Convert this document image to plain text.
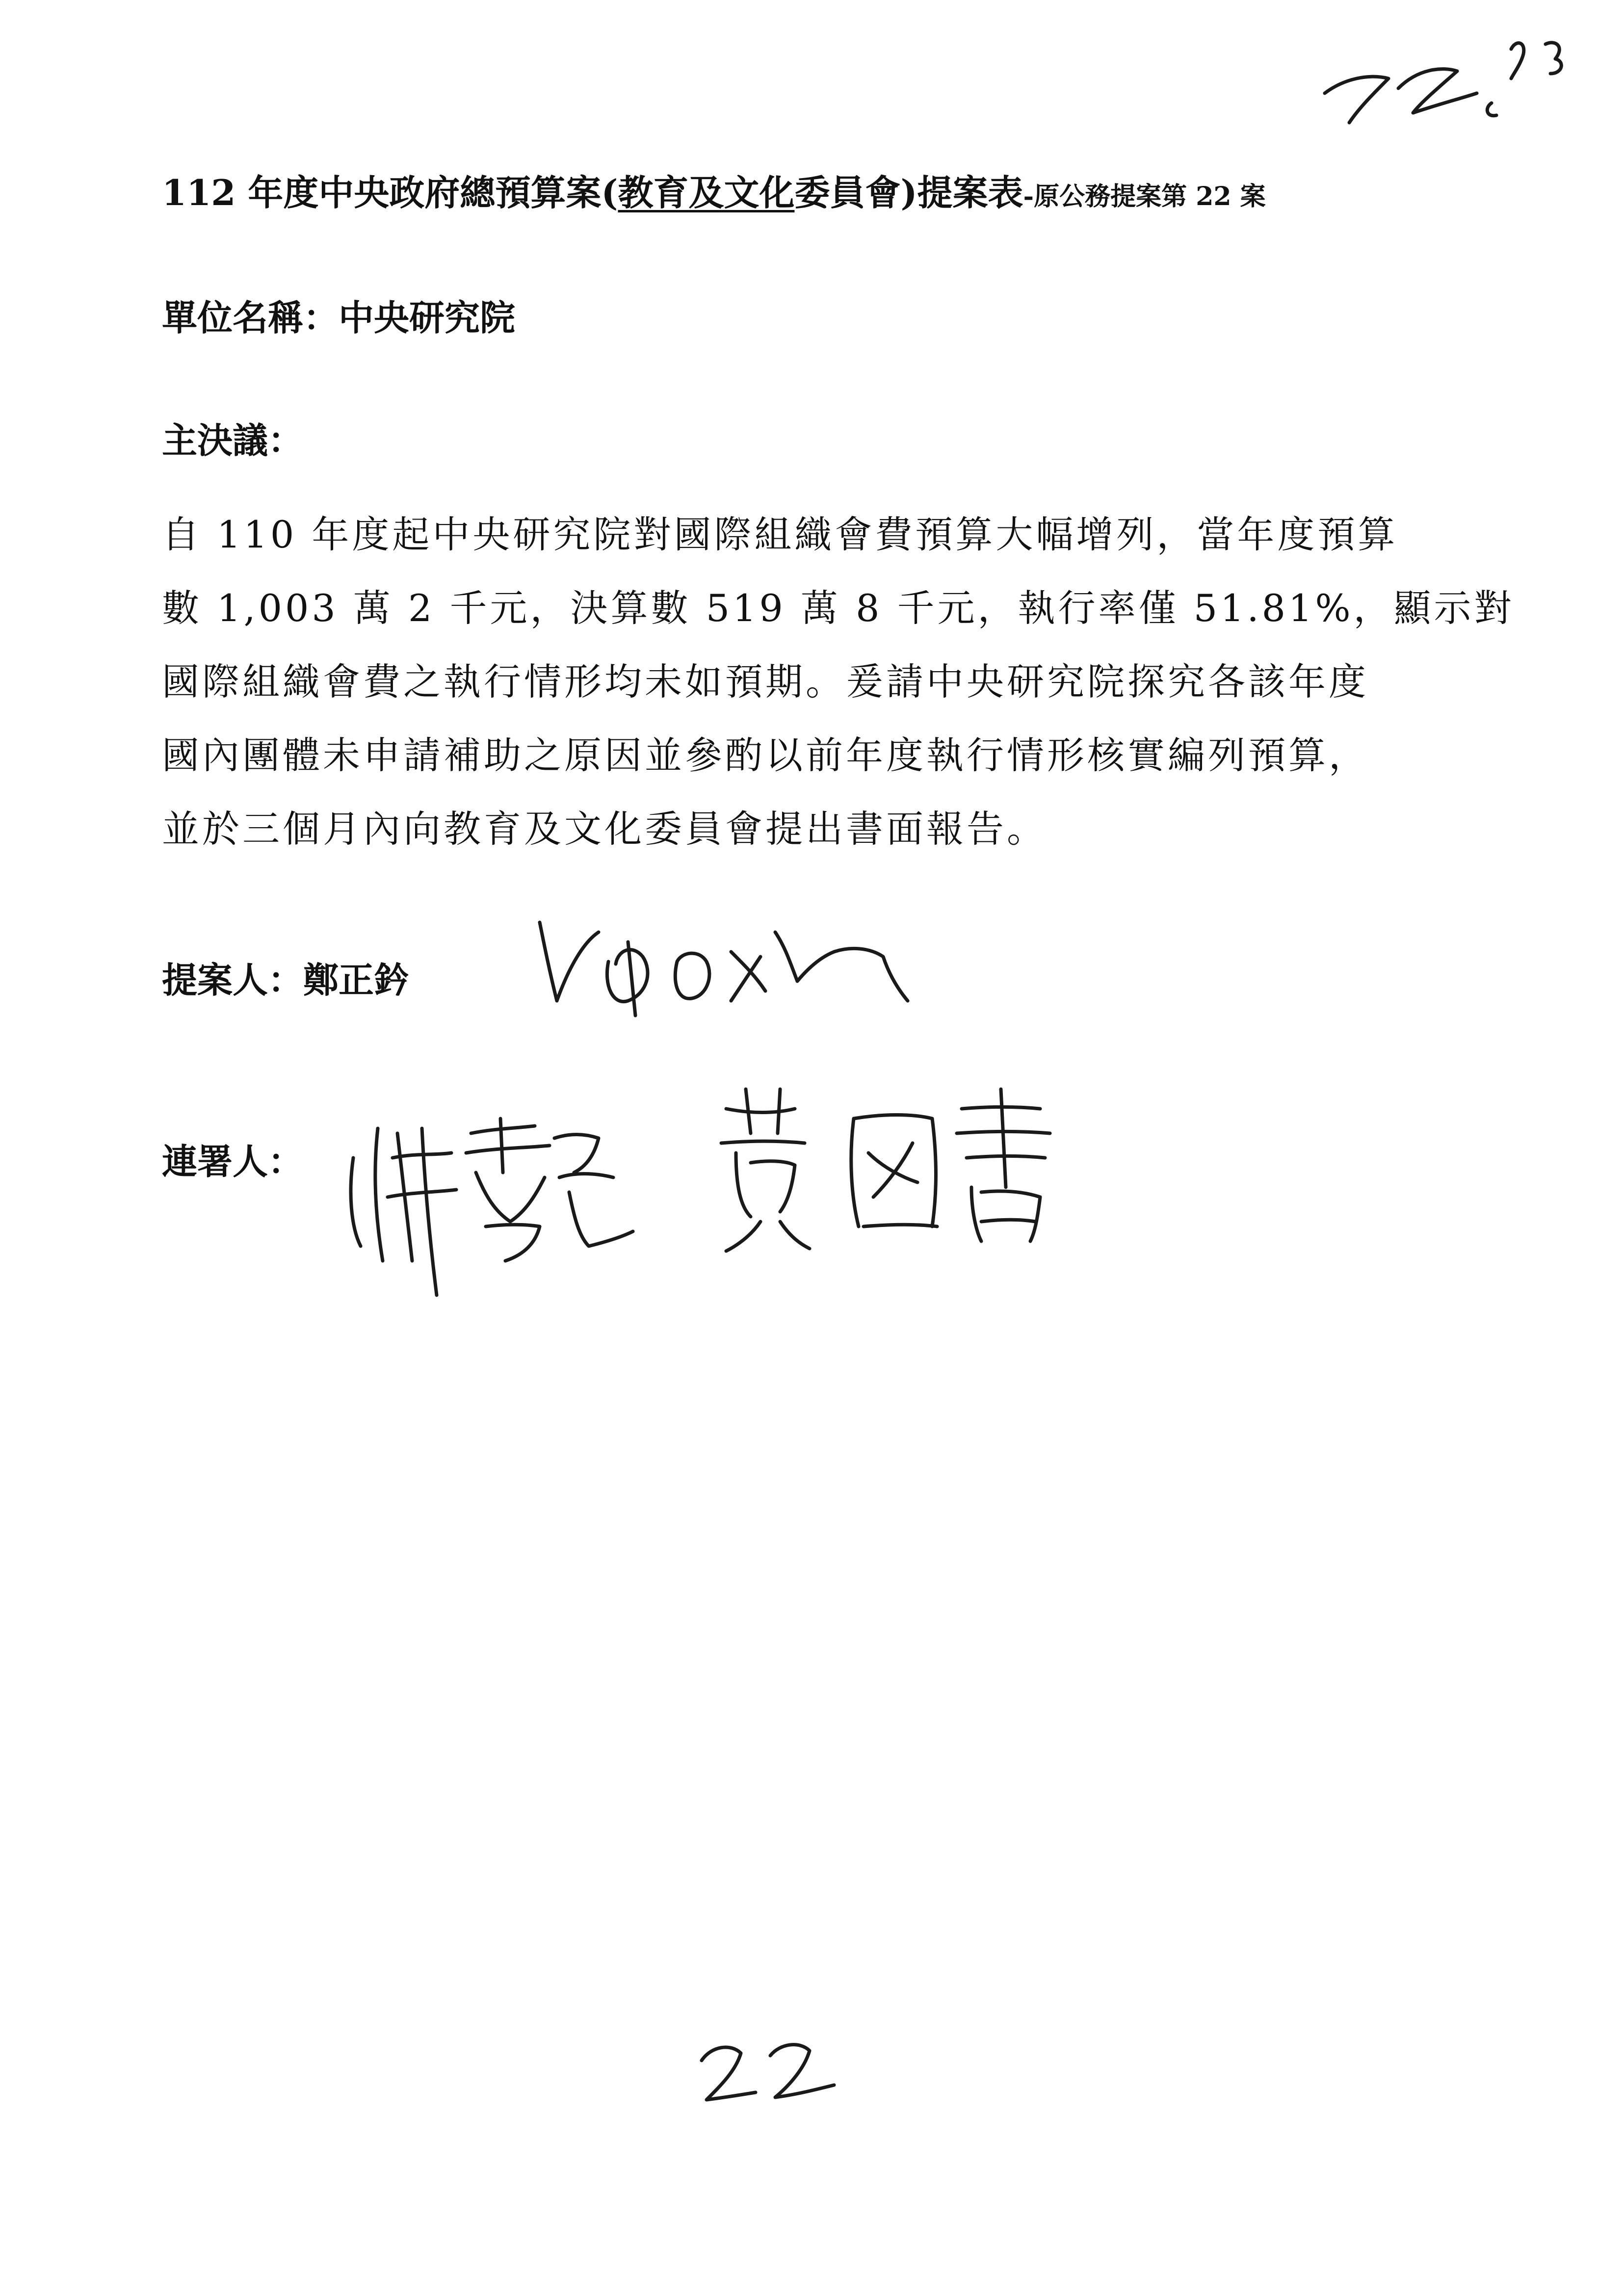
112 年度中央政府總預算案(教育及文化委員會)提案表-原公務提案第 22 案
單位名稱：中央研究院
主決議：
自 110 年度起中央研究院對國際組織會費預算大幅增列，當年度預算
數 1,003 萬 2 千元，決算數 519 萬 8 千元，執行率僅 51.81%，顯示對
國際組織會費之執行情形均未如預期。爰請中央研究院探究各該年度
國內團體未申請補助之原因並參酌以前年度執行情形核實編列預算，
並於三個月內向教育及文化委員會提出書面報告。
提案人：鄭正鈐
連署人：
